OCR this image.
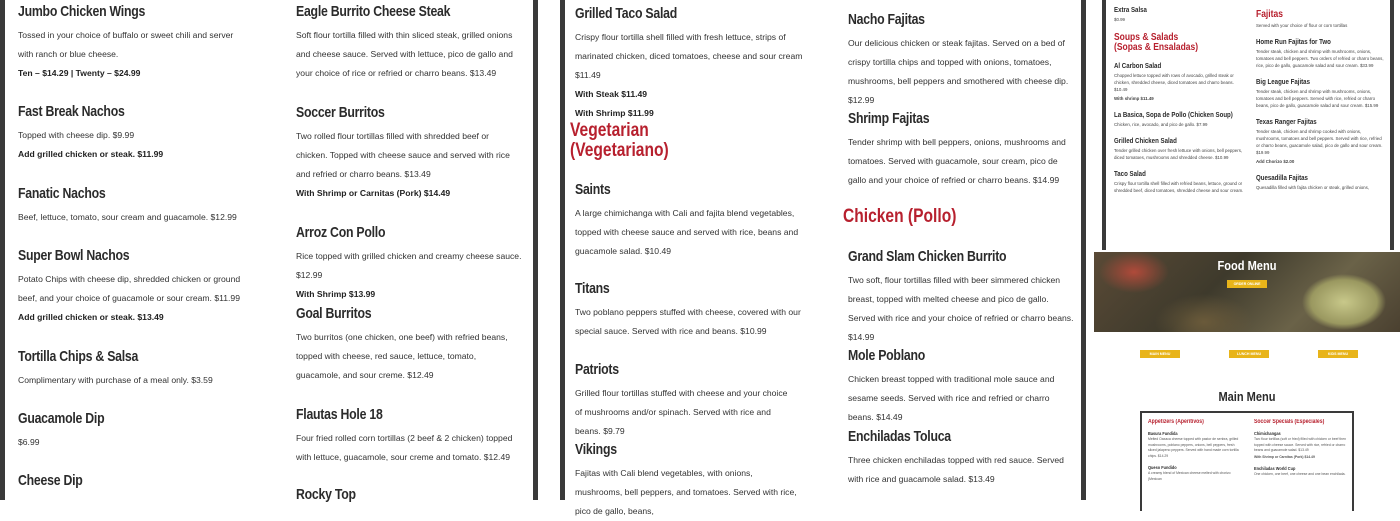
Jumbo Chicken Wings
Tossed in your choice of buffalo or sweet chili and server with ranch or blue cheese.
Ten – $14.29 | Twenty – $24.99
Fast Break Nachos
Topped with cheese dip. $9.99
Add grilled chicken or steak. $11.99
Fanatic Nachos
Beef, lettuce, tomato, sour cream and guacamole. $12.99
Super Bowl Nachos
Potato Chips with cheese dip, shredded chicken or ground beef, and your choice of guacamole or sour cream. $11.99
Add grilled chicken or steak. $13.49
Tortilla Chips & Salsa
Complimentary with purchase of a meal only. $3.59
Guacamole Dip
$6.99
Cheese Dip
Eagle Burrito Cheese Steak
Soft flour tortilla filled with thin sliced steak, grilled onions and cheese sauce. Served with lettuce, pico de gallo and your choice of rice or refried or charro beans. $13.49
Soccer Burritos
Two rolled flour tortillas filled with shredded beef or chicken. Topped with cheese sauce and served with rice and refried or charro beans. $13.49
With Shrimp or Carnitas (Pork) $14.49
Arroz Con Pollo
Rice topped with grilled chicken and creamy cheese sauce. $12.99
With Shrimp $13.99
Goal Burritos
Two burritos (one chicken, one beef) with refried beans, topped with cheese, red sauce, lettuce, tomato, guacamole, and sour creme. $12.49
Flautas Hole 18
Four fried rolled corn tortillas (2 beef & 2 chicken) topped with lettuce, guacamole, sour creme and tomato. $12.49
Rocky Top
Grilled Taco Salad
Crispy flour tortilla shell filled with fresh lettuce, strips of marinated chicken, diced tomatoes, cheese and sour cream $11.49
With Steak $11.49
With Shrimp $11.99
Vegetarian
(Vegetariano)
Saints
A large chimichanga with Cali and fajita blend vegetables, topped with cheese sauce and served with rice, beans and guacamole salad. $10.49
Titans
Two poblano peppers stuffed with cheese, covered with our special sauce. Served with rice and beans. $10.99
Patriots
Grilled flour tortillas stuffed with cheese and your choice of mushrooms and/or spinach. Served with rice and beans. $9.79
Vikings
Fajitas with Cali blend vegetables, with onions, mushrooms, bell peppers, and tomatoes. Served with rice, pico de gallo, beans,
Nacho Fajitas
Our delicious chicken or steak fajitas. Served on a bed of crispy tortilla chips and topped with onions, tomatoes, mushrooms, bell peppers and smothered with cheese dip. $12.99
Shrimp Fajitas
Tender shrimp with bell peppers, onions, mushrooms and tomatoes. Served with guacamole, sour cream, pico de gallo and your choice of refried or charro beans. $14.99
Chicken (Pollo)
Grand Slam Chicken Burrito
Two soft, flour tortillas filled with beer simmered chicken breast, topped with melted cheese and pico de gallo. Served with rice and your choice of refried or charro beans. $14.99
Mole Poblano
Chicken breast topped with traditional mole sauce and sesame seeds. Served with rice and refried or charro beans. $14.49
Enchiladas Toluca
Three chicken enchiladas topped with red sauce. Served with rice and guacamole salad. $13.49
Extra Salsa
$0.99
Soups & Salads
(Sopas & Ensaladas)
Al Carbon Salad
Chopped lettuce topped with rows of avocado, grilled steak or chicken, shredded cheese, diced tomatoes and charro beans. $10.49
With shrimp $11.49
La Basica, Sopa de Pollo (Chicken Soup)
Chicken, rice, avocado, and pico de gallo. $7.99
Grilled Chicken Salad
Tender grilled chicken over fresh lettuce with onions, bell peppers, diced tomatoes, mushrooms and shredded cheese. $10.99
Taco Salad
Crispy flour tortilla shell filled with refried beans, lettuce, ground or shredded beef, diced tomatoes, shredded cheese and sour cream.
Fajitas
Served with your choice of flour or corn tortillas
Home Run Fajitas for Two
Tender steak, chicken and shrimp with mushrooms, onions, tomatoes and bell peppers. Two orders of refried or charro beans, rice, pico de gallo, guacamole salad and sour cream. $33.99
Big League Fajitas
Tender steak, chicken and shrimp with mushrooms, onions, tomatoes and bell peppers. Served with rice, refried or charro beans, pico de gallo, guacamole salad and sour cream. $15.99
Texas Ranger Fajitas
Tender steak, chicken and shrimp cooked with onions, mushrooms, tomatoes and bell peppers. Served with rice, refried or charro beans, guacamole salad, pico de gallo and sour cream. $19.99
Add Chorizo $2.00
Quesadilla Fajitas
Quesadilla filled with fajita chicken or steak, grilled onions,
Food Menu
ORDER ONLINE
MAIN MENU	LUNCH MENU	KIDS MENU
Main Menu
Appetizers (Aperitivos)
Basura Fundida
Melted Oaxaca cheese topped with pastor de senbra, grilled mushrooms, poblano peppers, onions, bell peppers, fresh sliced jalapeno peppers. Served with hand made corn tortilla chips. $14.29
Queso Fundido
A creamy blend of Mexican cheese melted with chorizo (Mexican
Soccer Specials (Especiales)
Chimichangas
Two flour tortillas (soft or fried) filled with chicken or beef then topped with cheese sauce. Served with rice, refried or charro beans and guacamole salad. $13.49
With Shrimp or Carnitas (Pork) $14.49
Enchiladas World Cup
One chicken, one beef, one cheese and one bean enchilada.
